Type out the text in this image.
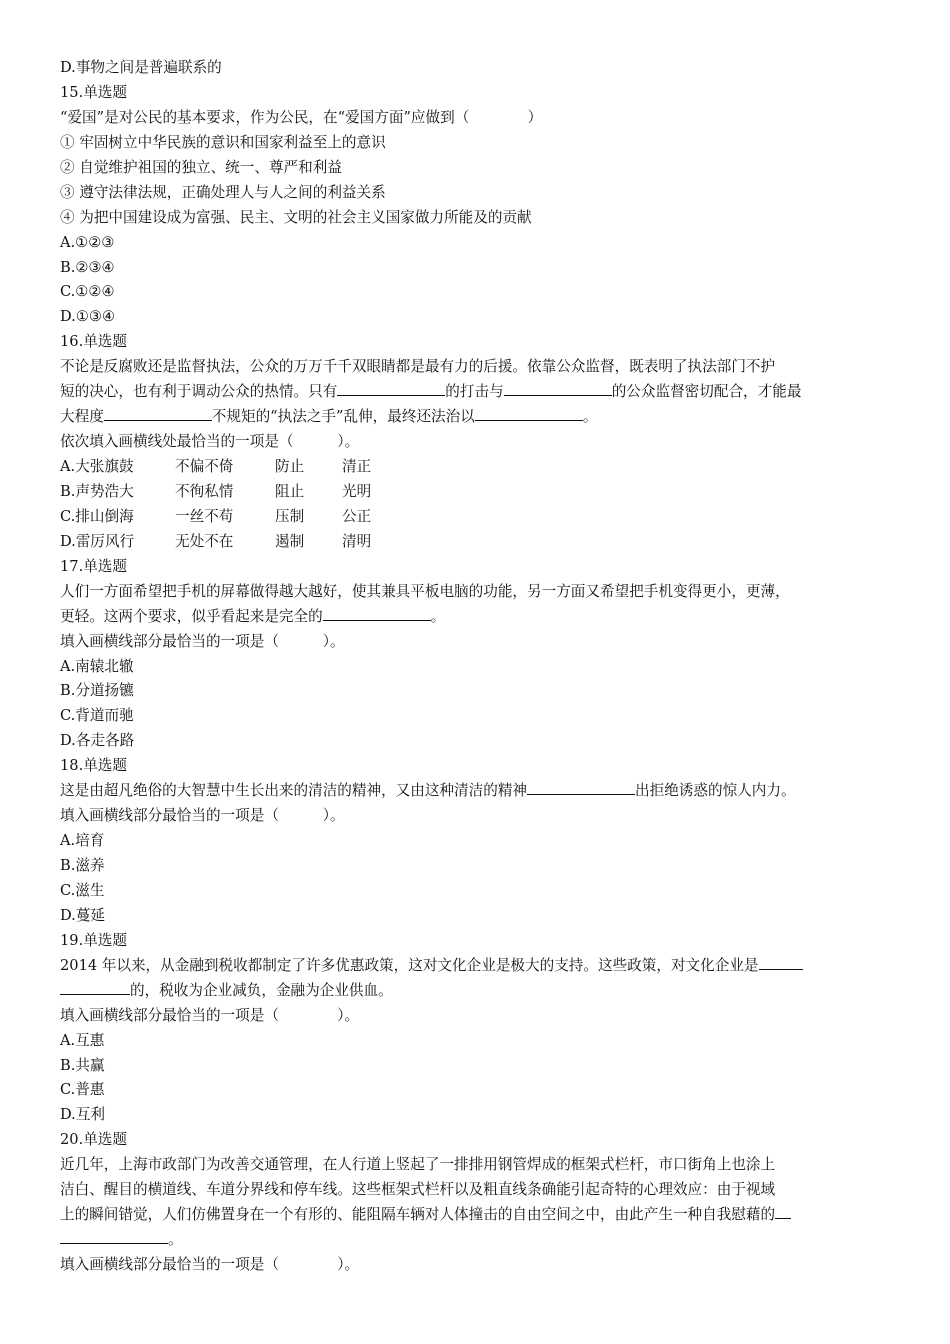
D.事物之间是普遍联系的
15.单选题
“爱国”是对公民的基本要求，作为公民，在“爱国方面”应做到（　　　　）
① 牢固树立中华民族的意识和国家利益至上的意识
② 自觉维护祖国的独立、统一、尊严和利益
③ 遵守法律法规，正确处理人与人之间的利益关系
④ 为把中国建设成为富强、民主、文明的社会主义国家做力所能及的贡献
A.①②③
B.②③④
C.①②④
D.①③④
16.单选题
不论是反腐败还是监督执法，公众的万万千千双眼睛都是最有力的后援。依靠公众监督，既表明了执法部门不护
短的决心，也有利于调动公众的热情。只有	的打击与	的公众监督密切配合，才能最
大程度	不规矩的“执法之手”乱伸，最终还法治以	。
依次填入画横线处最恰当的一项是（　　　）。
A.大张旗鼓	不偏不倚	防止	清正
B.声势浩大	不徇私情	阻止	光明
C.排山倒海	一丝不苟	压制	公正
D.雷厉风行	无处不在	遏制	清明
17.单选题
人们一方面希望把手机的屏幕做得越大越好，使其兼具平板电脑的功能，另一方面又希望把手机变得更小，更薄，
更轻。这两个要求，似乎看起来是完全的	。
填入画横线部分最恰当的一项是（　　　）。
A.南辕北辙
B.分道扬镳
C.背道而驰
D.各走各路
18.单选题
这是由超凡绝俗的大智慧中生长出来的清洁的精神，又由这种清洁的精神	出拒绝诱惑的惊人内力。
填入画横线部分最恰当的一项是（　　　）。
A.培育
B.滋养
C.滋生
D.蔓延
19.单选题
2014 年以来，从金融到税收都制定了许多优惠政策，这对文化企业是极大的支持。这些政策，对文化企业是
的，税收为企业减负，金融为企业供血。
填入画横线部分最恰当的一项是（　　　　）。
A.互惠
B.共赢
C.普惠
D.互利
20.单选题
近几年，上海市政部门为改善交通管理，在人行道上竖起了一排排用钢管焊成的框架式栏杆，市口街角上也涂上
洁白、醒目的横道线、车道分界线和停车线。这些框架式栏杆以及粗直线条确能引起奇特的心理效应：由于视域
上的瞬间错觉，人们仿佛置身在一个有形的、能阻隔车辆对人体撞击的自由空间之中，由此产生一种自我慰藉的
。
填入画横线部分最恰当的一项是（　　　　）。
